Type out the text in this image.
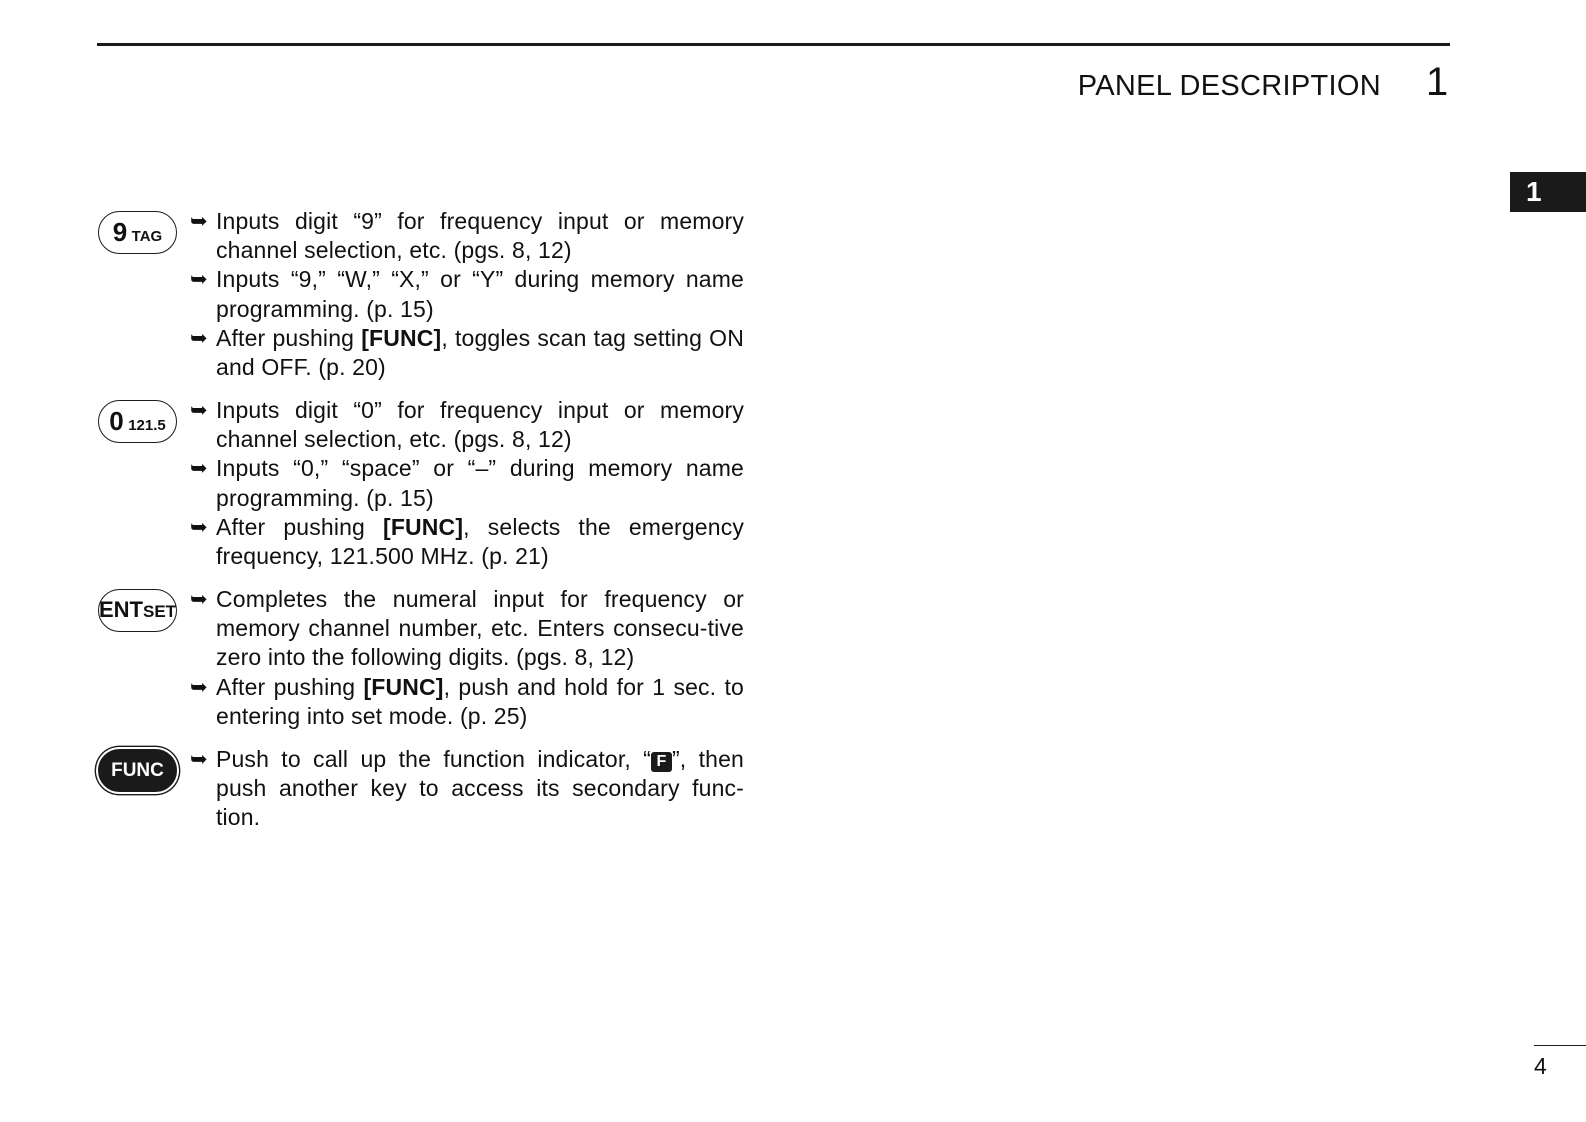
PANEL DESCRIPTION 1
1
9 TAG
➥ Inputs digit “9” for frequency input or memory channel selection, etc. (pgs. 8, 12)
➥ Inputs “9,” “W,” “X,” or “Y” during memory name programming. (p. 15)
➥ After pushing [FUNC], toggles scan tag setting ON and OFF. (p. 20)
0 121.5
➥ Inputs digit “0” for frequency input or memory channel selection, etc. (pgs. 8, 12)
➥ Inputs “0,” “space” or “–” during memory name programming. (p. 15)
➥ After pushing [FUNC], selects the emergency frequency, 121.500 MHz. (p. 21)
ENTSET
➥ Completes the numeral input for frequency or memory channel number, etc. Enters consecu-tive zero into the following digits. (pgs. 8, 12)
➥ After pushing [FUNC], push and hold for 1 sec. to entering into set mode. (p. 25)
FUNC	➥ Push to call up the function indicator, “ F ”, then push another key to access its secondary func-tion.
4
